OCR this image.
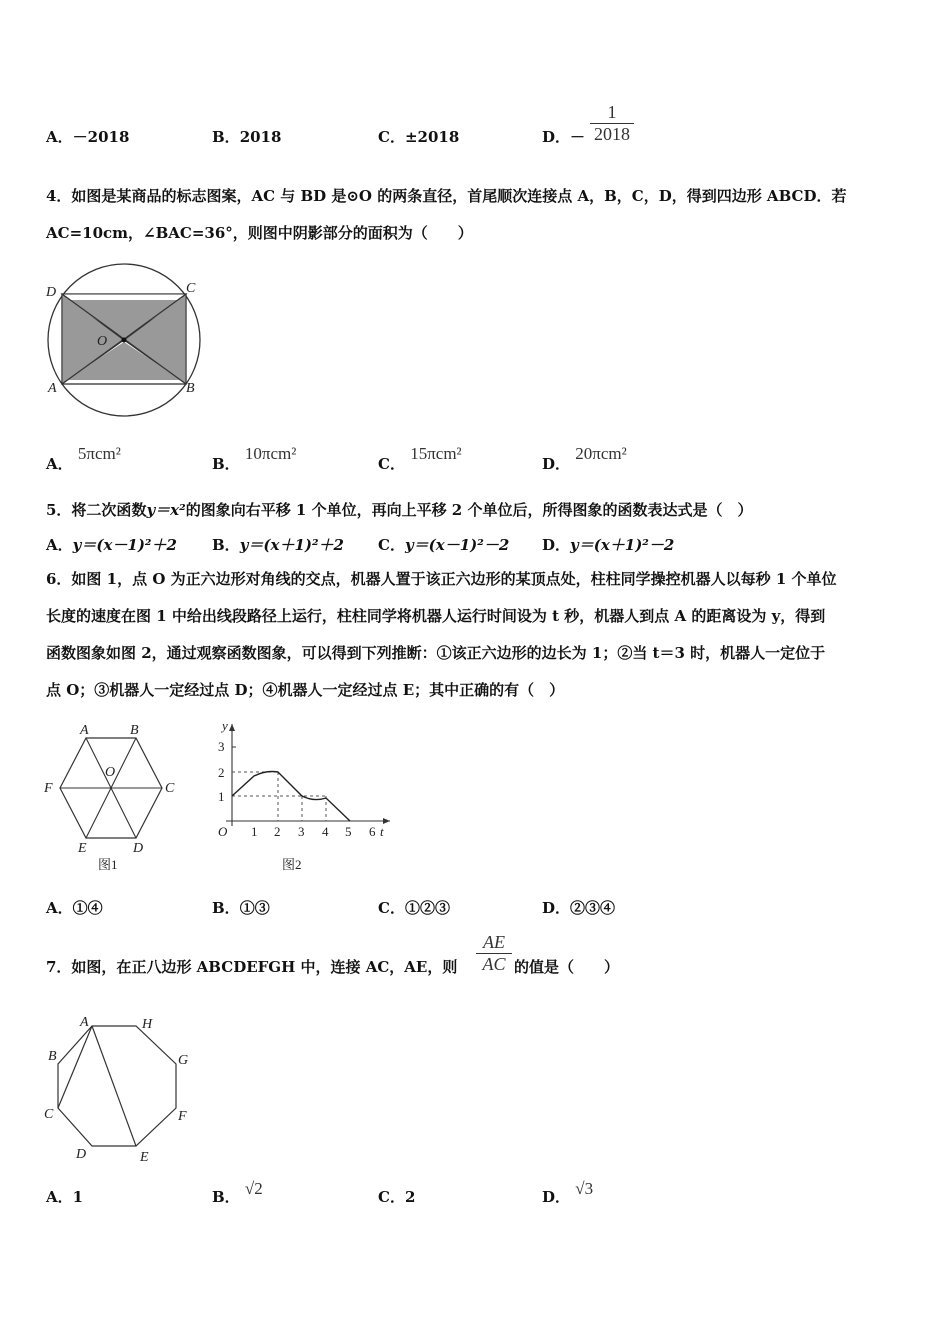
A．－2018	B．2018	C．±2018	D．－
1
2018
4．如图是某商品的标志图案，AC 与 BD 是⊙O 的两条直径，首尾顺次连接点 A，B，C，D，得到四边形 ABCD．若
AC=10cm，∠BAC=36°，则图中阴影部分的面积为（　　）
D	C
A	B
O
A． 5πcm²
B． 10πcm²
C． 15πcm²
D． 20πcm²
5．将二次函数y＝x²的图象向右平移 1 个单位，再向上平移 2 个单位后，所得图象的函数表达式是（　）
A．y＝(x－1)²＋2 B．y＝(x＋1)²＋2 C．y＝(x－1)²－2 D．y＝(x＋1)²－2
6．如图 1，点 O 为正六边形对角线的交点，机器人置于该正六边形的某顶点处，柱柱同学操控机器人以每秒 1 个单位
长度的速度在图 1 中给出线段路径上运行，柱柱同学将机器人运行时间设为 t 秒，机器人到点 A 的距离设为 y，得到
函数图象如图 2，通过观察函数图象，可以得到下列推断：①该正六边形的边长为 1；②当 t＝3 时，机器人一定位于
点 O；③机器人一定经过点 D；④机器人一定经过点 E；其中正确的有（　）
A	B
C
D
E
F
O
图1
y
t
O 1 2 3 4 5 6
1
2
3
图2
A．①④	B．①③	C．①②③	D．②③④
7．如图，在正八边形 ABCDEFGH 中，连接 AC，AE，则
AE
AC 的值是（　　）
A	H
G
F
E
D
C
B
A．1	B． √2	C．2	D． √3
